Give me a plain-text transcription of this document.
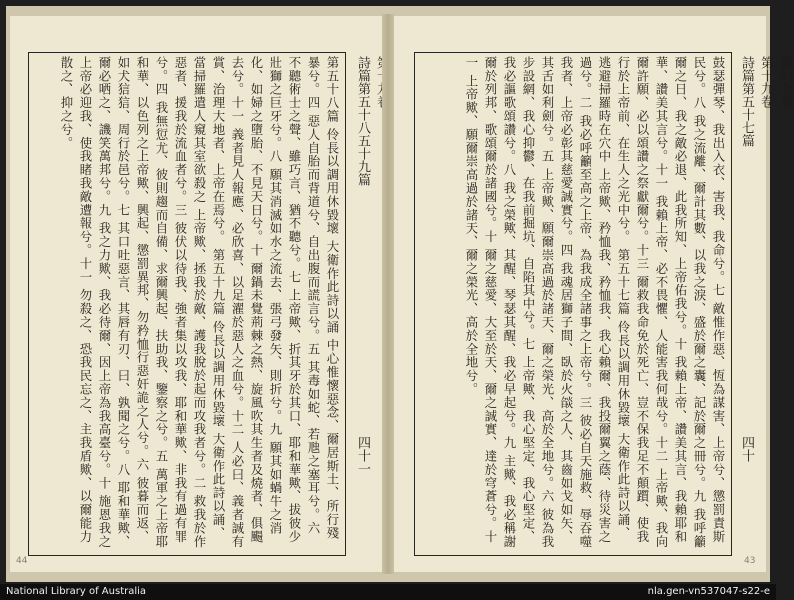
第五十八篇 伶長以調用休毀壞 大衛作此詩以誦 中心惟懷惡念、爾居斯土、所行殘暴兮。四 惡人自胎而背道兮、自出腹而謊言兮。五 其毒如蛇、若虺之塞耳兮。六 不聽術士之聲、雖巧言、猶不聽兮。七 上帝歟、折其牙於其口、耶和華歟、拔彼少壯獅之巨牙兮。八 願其消滅如水之流去、張弓發矢、則折兮。九 願其如蝸牛之消化、如婦之墮胎、不見天日兮。十 爾鍋未覺荊棘之熱、旋風吹其生者及燒者、俱颺去兮。十一 義者見人報應、必欣喜、以足濯於惡人之血兮。十二 人必曰、義者誠有賞、治理大地者、上帝在焉兮。 第五十九篇 伶長以調用休毀壞 大衛作此詩以誦、當掃羅遣人窺其室欲殺之 上帝歟、拯我於敵、護我脫於起而攻我者兮。二 救我於作惡者、援我於流血者兮。三 彼伏以待我、強者集以攻我、耶和華歟、非我有過有罪兮。四 我無愆尤、彼則趨而自備、求爾興起、扶助我、鑒察之兮。五 萬軍之上帝耶和華、以色列之上帝歟、興起、懲罰異邦、勿矜恤行惡奸詭之人兮。六 彼暮而返、如犬狺狺、周行於邑兮。七 其口吐惡言、其唇有刃、曰、孰聞之兮。八 耶和華歟、爾必哂之、譏笑萬邦兮。九 我之力歟、我必待爾、因上帝為我高臺兮。十 施恩我之上帝必迎我、使我睹我敵遭報兮。十一 勿殺之、恐我民忘之、主我盾歟、以爾能力散之、抑之兮。	詩篇第五十八五十九篇
四十一
44
鼓瑟彈琴、我出入衣、害我、我命兮。七 敵惟作惡、恆為謀害、上帝兮、懲罰責斯民兮。八 我之流離、爾計其數、以我之淚、盛於爾之囊、記於爾之冊兮。九 我呼籲爾之日、我之敵必退、此我所知、上帝佑我兮。十 我賴上帝、讚美其言、我賴耶和華、讚美其言兮。十一 我賴上帝、必不畏懼、人能害我何哉兮。十二 上帝歟、我向爾許願、必以頌讚之祭獻爾兮。十三 爾救我命免於死亡、豈不保我足不顛躓、使我行於上帝前、在生人之光中兮。 第五十七篇 伶長以調用休毀壞 大衛作此詩以誦、逃避掃羅時在穴中 上帝歟、矜恤我、矜恤我、我心賴爾、我投爾翼之蔭、待災害之過兮。二 我必呼籲至高之上帝、為我成全諸事之上帝兮。三 彼必自天施救、辱吞噬我者、上帝必彰其慈愛誠實兮。四 我魂居獅子間、臥於火燄之人、其齒如戈如矢、其舌如利劍兮。五 上帝歟、願爾崇高過於諸天、爾之榮光、高於全地兮。六 彼為我步設網、我心抑鬱、在我前掘坑、自陷其中兮。七 上帝歟、我心堅定、我心堅定、我必謳歌頌讚兮。八 我之榮歟、其醒、琴瑟其醒、我必早起兮。九 主歟、我必稱謝爾於列邦、歌頌爾於諸國兮。十 爾之慈愛、大至於天、爾之誠實、達於穹蒼兮。十一 上帝歟、願爾崇高過於諸天、爾之榮光、高於全地兮。	舊約全書
第十九卷
詩篇第五十七篇
四十
43
National Library of Australia	nla.gen-vn537047-s22-e
